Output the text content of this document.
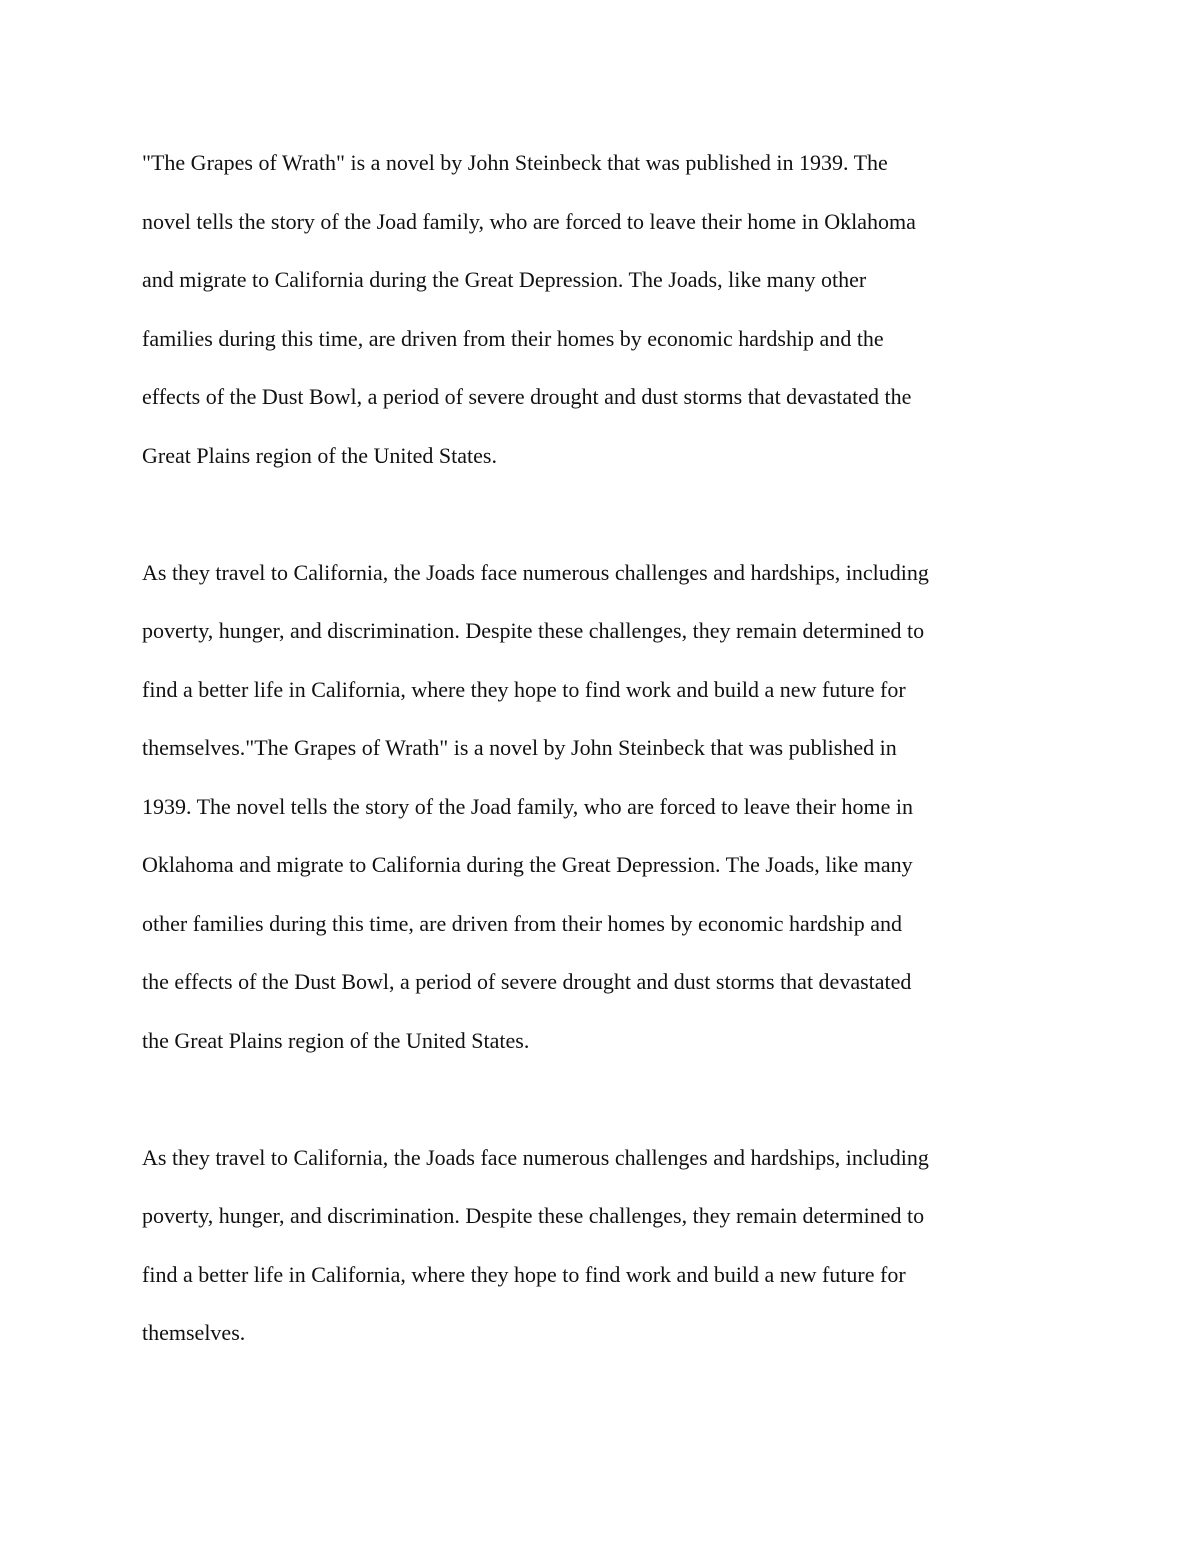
"The Grapes of Wrath" is a novel by John Steinbeck that was published in 1939. The
novel tells the story of the Joad family, who are forced to leave their home in Oklahoma
and migrate to California during the Great Depression. The Joads, like many other
families during this time, are driven from their homes by economic hardship and the
effects of the Dust Bowl, a period of severe drought and dust storms that devastated the
Great Plains region of the United States.
As they travel to California, the Joads face numerous challenges and hardships, including
poverty, hunger, and discrimination. Despite these challenges, they remain determined to
find a better life in California, where they hope to find work and build a new future for
themselves."The Grapes of Wrath" is a novel by John Steinbeck that was published in
1939. The novel tells the story of the Joad family, who are forced to leave their home in
Oklahoma and migrate to California during the Great Depression. The Joads, like many
other families during this time, are driven from their homes by economic hardship and
the effects of the Dust Bowl, a period of severe drought and dust storms that devastated
the Great Plains region of the United States.
As they travel to California, the Joads face numerous challenges and hardships, including
poverty, hunger, and discrimination. Despite these challenges, they remain determined to
find a better life in California, where they hope to find work and build a new future for
themselves.
